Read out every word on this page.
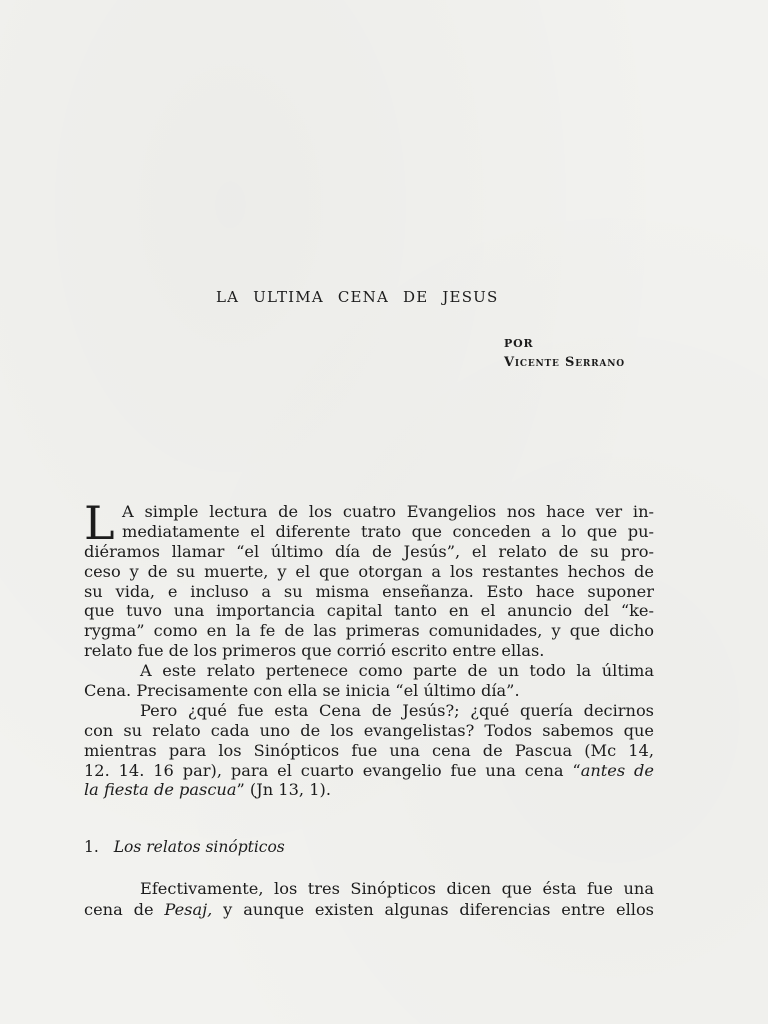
LA ULTIMA CENA DE JESUS
POR
Vicente Serrano
L A simple lectura de los cuatro Evangelios nos hace ver in-
mediatamente el diferente trato que conceden a lo que pu-
diéramos llamar “el último día de Jesús”, el relato de su pro-
ceso y de su muerte, y el que otorgan a los restantes hechos de
su vida, e incluso a su misma enseñanza. Esto hace suponer
que tuvo una importancia capital tanto en el anuncio del “ke-
rygma” como en la fe de las primeras comunidades, y que dicho
relato fue de los primeros que corrió escrito entre ellas.
A este relato pertenece como parte de un todo la última
Cena. Precisamente con ella se inicia “el último día”.
Pero ¿qué fue esta Cena de Jesús?; ¿qué quería decirnos
con su relato cada uno de los evangelistas? Todos sabemos que
mientras para los Sinópticos fue una cena de Pascua (Mc 14,
12. 14. 16 par), para el cuarto evangelio fue una cena “antes de
la fiesta de pascua” (Jn 13, 1).
1. Los relatos sinópticos
Efectivamente, los tres Sinópticos dicen que ésta fue una
cena de Pesaj, y aunque existen algunas diferencias entre ellos
